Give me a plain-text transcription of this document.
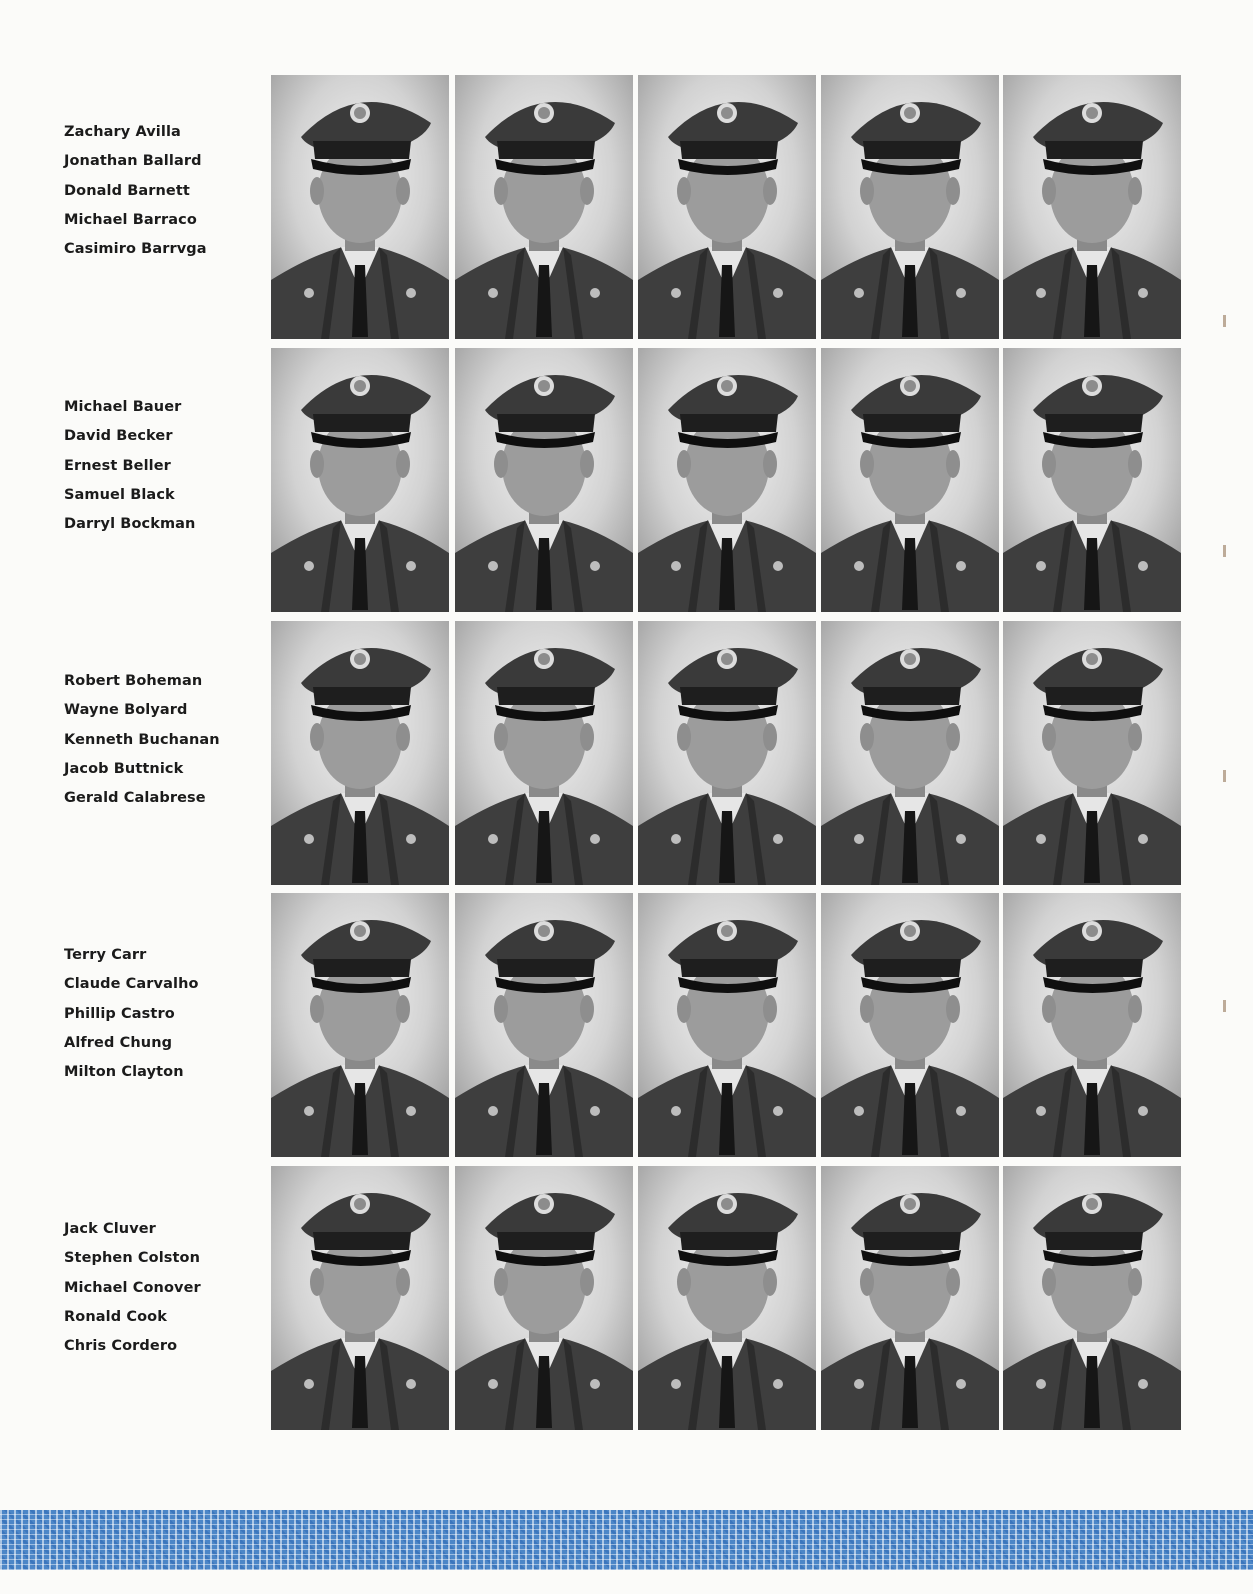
Zachary Avilla
Jonathan Ballard
Donald Barnett
Michael Barraco
Casimiro Barrvga
Michael Bauer
David Becker
Ernest Beller
Samuel Black
Darryl Bockman
Robert Boheman
Wayne Bolyard
Kenneth Buchanan
Jacob Buttnick
Gerald Calabrese
Terry Carr
Claude Carvalho
Phillip Castro
Alfred Chung
Milton Clayton
Jack Cluver
Stephen Colston
Michael Conover
Ronald Cook
Chris Cordero
